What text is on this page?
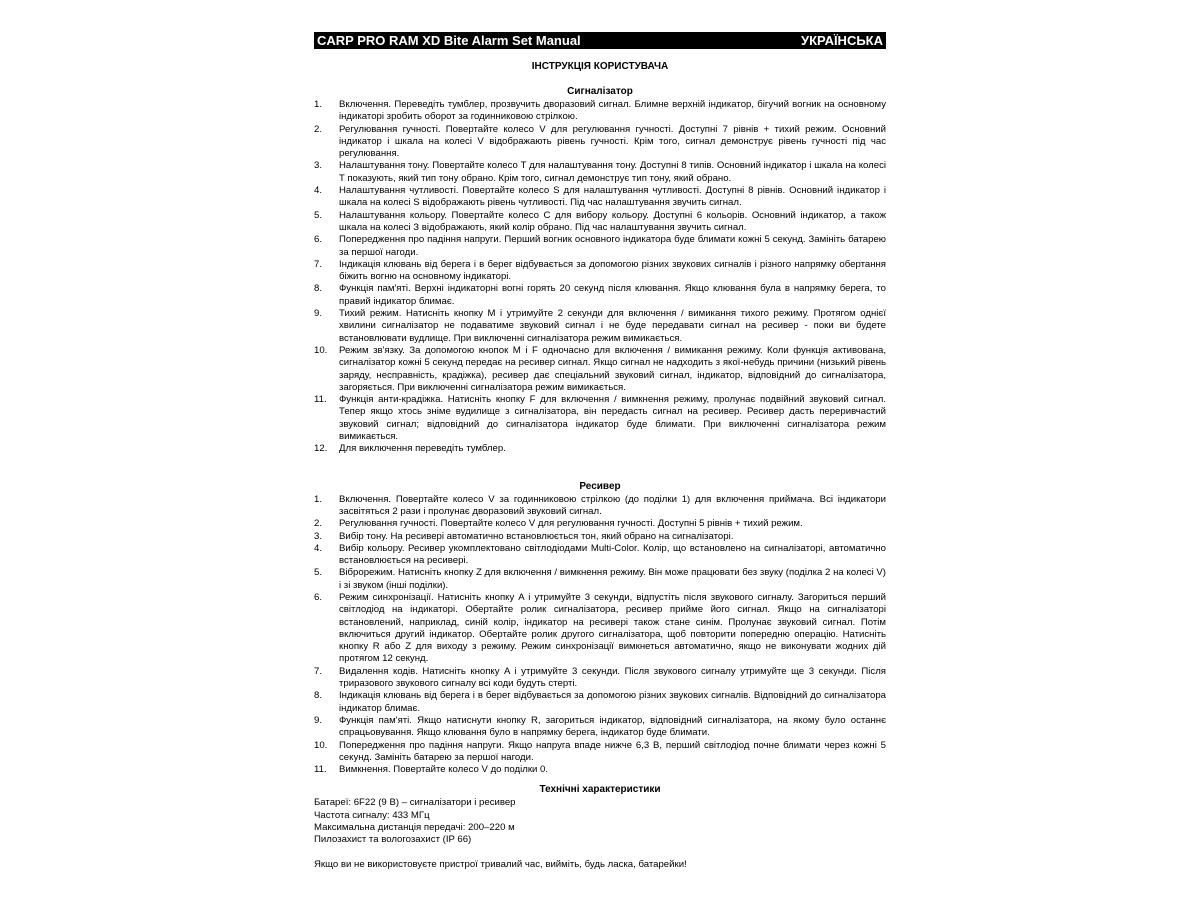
CARP PRO RAM XD Bite Alarm Set Manual	УКРАЇНСЬКА
ІНСТРУКЦІЯ КОРИСТУВАЧА
Сигналізатор
1.	Включення. Переведіть тумблер, прозвучить дворазовий сигнал. Блимне верхній індикатор, бігучий вогник на основному індикаторі зробить оборот за годинниковою стрілкою.
2.	Регулювання гучності. Повертайте колесо V для регулювання гучності. Доступні 7 рівнів + тихий режим. Основний індикатор і шкала на колесі V відображають рівень гучності. Крім того, сигнал демонструє рівень гучності під час регулювання.
3.	Налаштування тону. Повертайте колесо T для налаштування тону. Доступні 8 типів. Основний індикатор і шкала на колесі T показують, який тип тону обрано. Крім того, сигнал демонструє тип тону, який обрано.
4.	Налаштування чутливості. Повертайте колесо S для налаштування чутливості. Доступні 8 рівнів. Основний індикатор і шкала на колесі S відображають рівень чутливості. Під час налаштування звучить сигнал.
5.	Налаштування кольору. Повертайте колесо C для вибору кольору. Доступні 6 кольорів. Основний індикатор, а також шкала на колесі З відображають, який колір обрано. Під час налаштування звучить сигнал.
6.	Попередження про падіння напруги. Перший вогник основного індикатора буде блимати кожні 5 секунд. Замініть батарею за першої нагоди.
7.	Індикація клювань від берега і в берег відбувається за допомогою різних звукових сигналів і різного напрямку обертання біжить вогню на основному індикаторі.
8.	Функція пам'яті. Верхні індикаторні вогні горять 20 секунд після клювання. Якщо клювання була в напрямку берега, то правий індикатор блимає.
9.	Тихий режим. Натисніть кнопку M і утримуйте 2 секунди для включення / вимикання тихого режиму. Протягом однієї хвилини сигналізатор не подаватиме звуковий сигнал і не буде передавати сигнал на ресивер - поки ви будете встановлювати вудлище. При виключенні сигналізатора режим вимикається.
10.	Режим зв'язку. За допомогою кнопок M і F одночасно для включення / вимикання режиму. Коли функція активована, сигналізатор кожні 5 секунд передає на ресивер сигнал. Якщо сигнал не надходить з якої-небудь причини (низький рівень заряду, несправність, крадіжка), ресивер дає спеціальний звуковий сигнал, індикатор, відповідний до сигналізатора, загоряється. При виключенні сигналізатора режим вимикається.
11.	Функція анти-крадіжка. Натисніть кнопку F для включення / вимкнення режиму, пролунає подвійний звуковий сигнал. Тепер якщо хтось зніме вудилище з сигналізатора, він передасть сигнал на ресивер. Ресивер дасть переривчастий звуковий сигнал; відповідний до сигналізатора індикатор буде блимати. При виключенні сигналізатора режим вимикається.
12.	Для виключення переведіть тумблер.
Ресивер
1.	Включення. Повертайте колесо V за годинниковою стрілкою (до поділки 1) для включення приймача. Всі індикатори засвітяться 2 рази і пролунає дворазовий звуковий сигнал.
2.	Регулювання гучності. Повертайте колесо V для регулювання гучності. Доступні 5 рівнів + тихий режим.
3.	Вибір тону. На ресивері автоматично встановлюється тон, який обрано на сигналізаторі.
4.	Вибір кольору. Ресивер укомплектовано світлодіодами Multi-Color. Колір, що встановлено на сигналізаторі, автоматично встановлюється на ресивері.
5.	Віброрежим. Натисніть кнопку Z для включення / вимкнення режиму. Він може працювати без звуку (поділка 2 на колесі V) і зі звуком (інші поділки).
6.	Режим синхронізації. Натисніть кнопку A і утримуйте 3 секунди, відпустіть після звукового сигналу. Загориться перший світлодіод на індикаторі. Обертайте ролик сигналізатора, ресивер прийме його сигнал. Якщо на сигналізаторі встановлений, наприклад, синій колір, індикатор на ресивері також стане синім. Пролунає звуковий сигнал. Потім включиться другий індикатор. Обертайте ролик другого сигналізатора, щоб повторити попередню операцію. Натисніть кнопку R або Z для виходу з режиму. Режим синхронізації вимкнеться автоматично, якщо не виконувати жодних дій протягом 12 секунд.
7.	Видалення кодів. Натисніть кнопку A і утримуйте 3 секунди. Після звукового сигналу утримуйте ще 3 секунди. Після триразового звукового сигналу всі коди будуть стерті.
8.	Індикація клювань від берега і в берег відбувається за допомогою різних звукових сигналів. Відповідний до сигналізатора індикатор блимає.
9.	Функція пам'яті. Якщо натиснути кнопку R, загориться індикатор, відповідний сигналізатора, на якому було останнє спрацьовування. Якщо клювання було в напрямку берега, індикатор буде блимати.
10.	Попередження про падіння напруги. Якщо напруга впаде нижче 6,3 В, перший світлодіод почне блимати через кожні 5 секунд. Замініть батарею за першої нагоди.
11.	Вимкнення. Повертайте колесо V до поділки 0.
Технічні характеристики
Батареї: 6F22 (9 В) – сигналізатори і ресивер
Частота сигналу: 433 МГц
Максимальна дистанція передачі: 200–220 м
Пилозахист та вологозахист (IP 66)
Якщо ви не використовуєте пристрої тривалий час, вийміть, будь ласка, батарейки!
